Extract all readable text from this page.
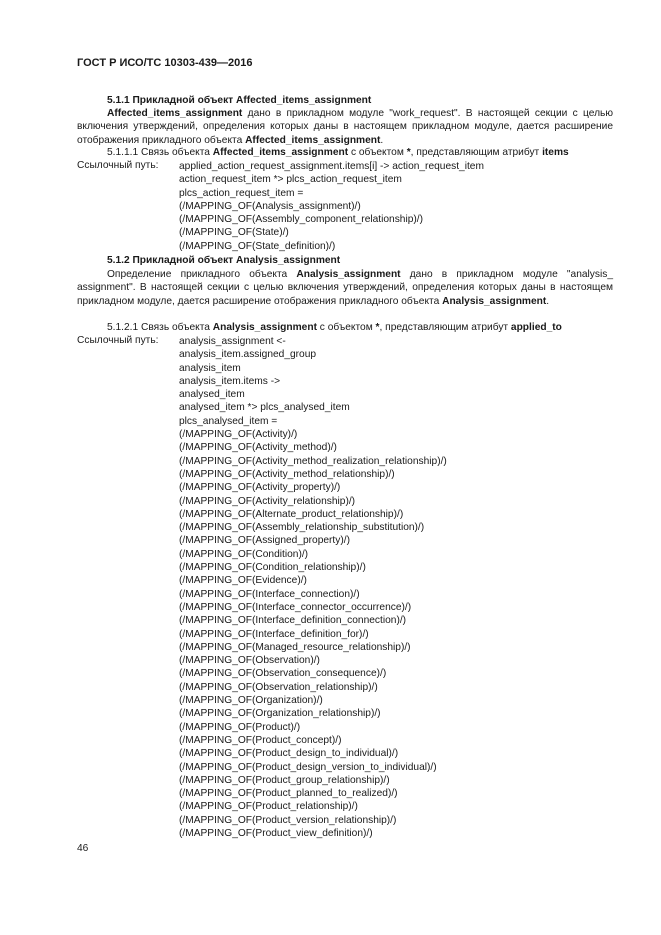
ГОСТ Р ИСО/ТС 10303-439—2016
5.1.1 Прикладной объект Affected_items_assignment
Affected_items_assignment дано в прикладном модуле "work_request". В настоящей секции с целью включения утверждений, определения которых даны в настоящем прикладном модуле, дается расширение отображения прикладного объекта Affected_items_assignment.
5.1.1.1 Связь объекта Affected_items_assignment с объектом *, представляющим атрибут items
Ссылочный путь: applied_action_request_assignment.items[i] -> action_request_item
action_request_item *> plcs_action_request_item
plcs_action_request_item =
(/MAPPING_OF(Analysis_assignment)/)
(/MAPPING_OF(Assembly_component_relationship)/)
(/MAPPING_OF(State)/)
(/MAPPING_OF(State_definition)/)
5.1.2 Прикладной объект Analysis_assignment
Определение прикладного объекта Analysis_assignment дано в прикладном модуле "analysis_ assignment". В настоящей секции с целью включения утверждений, определения которых даны в настоящем прикладном модуле, дается расширение отображения прикладного объекта Analysis_assignment.
5.1.2.1 Связь объекта Analysis_assignment с объектом *, представляющим атрибут applied_to
Ссылочный путь: analysis_assignment <-
analysis_item.assigned_group
analysis_item
analysis_item.items ->
analysed_item
analysed_item *> plcs_analysed_item
plcs_analysed_item =
(/MAPPING_OF(Activity)/)
(/MAPPING_OF(Activity_method)/)
(/MAPPING_OF(Activity_method_realization_relationship)/)
(/MAPPING_OF(Activity_method_relationship)/)
(/MAPPING_OF(Activity_property)/)
(/MAPPING_OF(Activity_relationship)/)
(/MAPPING_OF(Alternate_product_relationship)/)
(/MAPPING_OF(Assembly_relationship_substitution)/)
(/MAPPING_OF(Assigned_property)/)
(/MAPPING_OF(Condition)/)
(/MAPPING_OF(Condition_relationship)/)
(/MAPPING_OF(Evidence)/)
(/MAPPING_OF(Interface_connection)/)
(/MAPPING_OF(Interface_connector_occurrence)/)
(/MAPPING_OF(Interface_definition_connection)/)
(/MAPPING_OF(Interface_definition_for)/)
(/MAPPING_OF(Managed_resource_relationship)/)
(/MAPPING_OF(Observation)/)
(/MAPPING_OF(Observation_consequence)/)
(/MAPPING_OF(Observation_relationship)/)
(/MAPPING_OF(Organization)/)
(/MAPPING_OF(Organization_relationship)/)
(/MAPPING_OF(Product)/)
(/MAPPING_OF(Product_concept)/)
(/MAPPING_OF(Product_design_to_individual)/)
(/MAPPING_OF(Product_design_version_to_individual)/)
(/MAPPING_OF(Product_group_relationship)/)
(/MAPPING_OF(Product_planned_to_realized)/)
(/MAPPING_OF(Product_relationship)/)
(/MAPPING_OF(Product_version_relationship)/)
(/MAPPING_OF(Product_view_definition)/)
46
